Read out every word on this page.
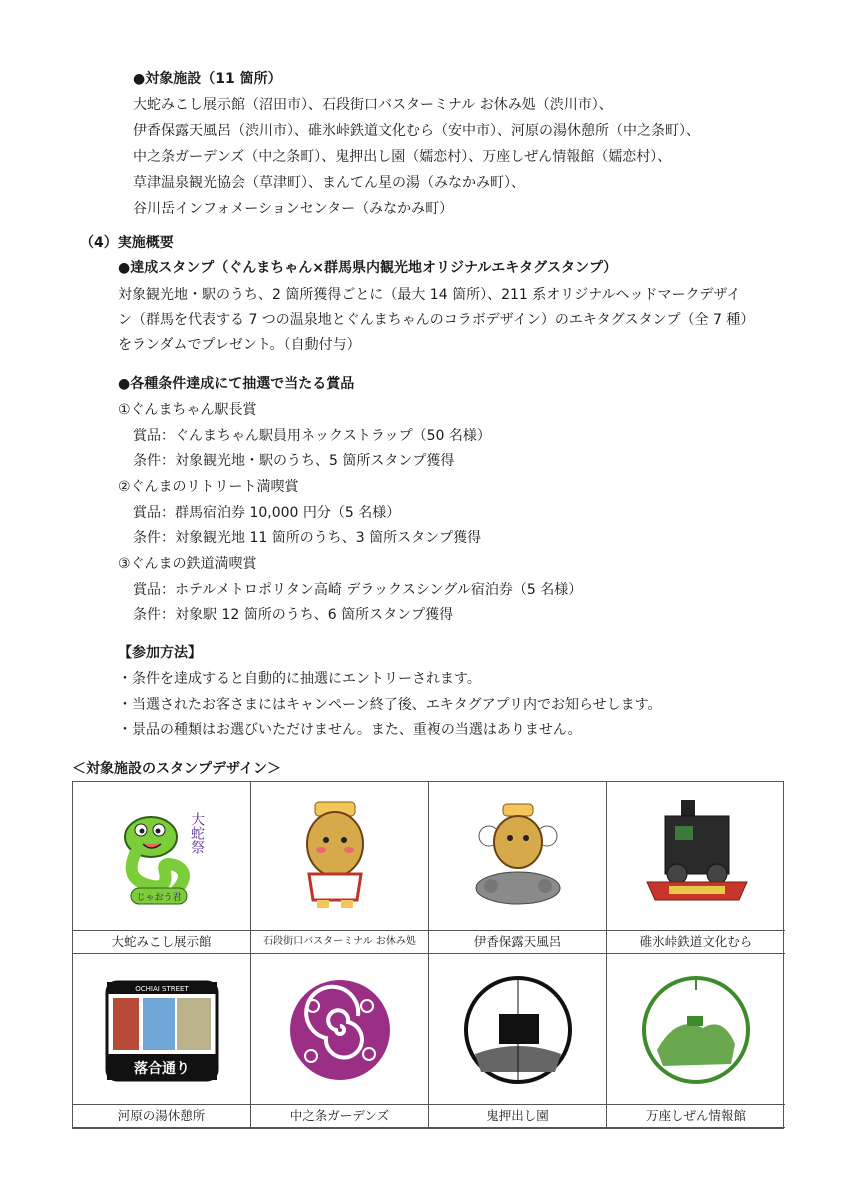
●対象施設（11 箇所）
大蛇みこし展示館（沼田市）、石段街口バスターミナル お休み処（渋川市）、
伊香保露天風呂（渋川市）、碓氷峠鉄道文化むら（安中市）、河原の湯休憩所（中之条町）、
中之条ガーデンズ（中之条町）、鬼押出し園（嬬恋村）、万座しぜん情報館（嬬恋村）、
草津温泉観光協会（草津町）、まんてん星の湯（みなかみ町）、
谷川岳インフォメーションセンター（みなかみ町）
（4）実施概要
●達成スタンプ（ぐんまちゃん×群馬県内観光地オリジナルエキタグスタンプ）
対象観光地・駅のうち、2 箇所獲得ごとに（最大 14 箇所）、211 系オリジナルヘッドマークデザイ
ン（群馬を代表する 7 つの温泉地とぐんまちゃんのコラボデザイン）のエキタグスタンプ（全 7 種）
をランダムでプレゼント。（自動付与）
●各種条件達成にて抽選で当たる賞品
①ぐんまちゃん駅長賞
賞品：ぐんまちゃん駅員用ネックストラップ（50 名様）
条件：対象観光地・駅のうち、5 箇所スタンプ獲得
②ぐんまのリトリート満喫賞
賞品：群馬宿泊券 10,000 円分（5 名様）
条件：対象観光地 11 箇所のうち、3 箇所スタンプ獲得
③ぐんまの鉄道満喫賞
賞品：ホテルメトロポリタン高崎 デラックスシングル宿泊券（5 名様）
条件：対象駅 12 箇所のうち、6 箇所スタンプ獲得
【参加方法】
・条件を達成すると自動的に抽選にエントリーされます。
・当選されたお客さまにはキャンペーン終了後、エキタグアプリ内でお知らせします。
・景品の種類はお選びいただけません。また、重複の当選はありません。
＜対象施設のスタンプデザイン＞
じゃおう君
大蛇祭
大蛇みこし展示館	石段街口バスターミナル お休み処	伊香保露天風呂	碓氷峠鉄道文化むら
OCHIAI STREET
落合通り
河原の湯休憩所	中之条ガーデンズ	鬼押出し園	万座しぜん情報館
